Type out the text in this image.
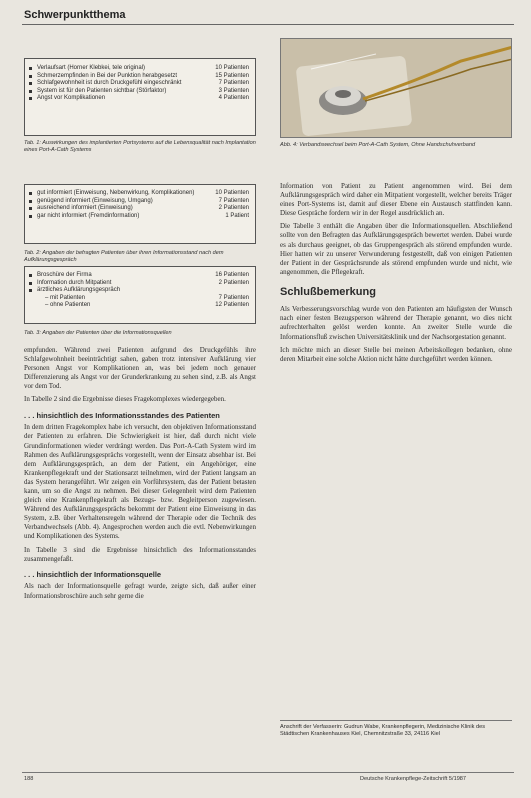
Schwerpunktthema
Verlaufsart (Horner Klebkei, tele original)	10 Patienten
Schmerzempfinden in Bei der Punktion herabgesetzt	15 Patienten
Schlafgewohnheit ist durch Druckgefühl eingeschränkt	7 Patienten
System ist für den Patienten sichtbar (Störfaktor)	3 Patienten
Angst vor Komplikationen	4 Patienten
Tab. 1: Auswirkungen des implantierten Portsystems auf die Lebensqualität nach Implantation eines Port-A-Cath Systems
gut informiert (Einweisung, Nebenwirkung, Komplikationen)	10 Patienten
genügend informiert (Einweisung, Umgang)	7 Patienten
ausreichend informiert (Einweisung)	2 Patienten
gar nicht informiert (Fremdinformation)	1 Patient
Tab. 2: Angaben der befragten Patienten über ihren Informationsstand nach dem Aufklärungsgespräch
Broschüre der Firma	16 Patienten
Information durch Mitpatient	2 Patienten
ärztliches Aufklärungsgespräch
– mit Patienten	7 Patienten
– ohne Patienten	12 Patienten
Tab. 3: Angaben der Patienten über die Informationsquellen

empfunden. Während zwei Patienten aufgrund des Druckgefühls ihre Schlafgewohnheit beeinträchtigt sahen, gaben trotz intensiver Aufklärung vier Personen Angst vor Komplikationen an, was bei jedem noch genauer Differenzierung als Angst vor der Grunderkrankung zu sehen sind, z.B. als Angst vor dem Tod.

In Tabelle 2 sind die Ergebnisse dieses Fragekomplexes wiedergegeben.

. . . hinsichtlich des Informationsstandes des Patienten

In dem dritten Fragekomplex habe ich versucht, den objektiven Informationsstand der Patienten zu erfahren. Die Schwierigkeit ist hier, daß durch nicht viele Grundinformationen wieder verdrängt werden. Das Port-A-Cath System wird im Rahmen des Aufklärungsgesprächs vorgestellt, wenn der Einsatz absehbar ist. Bei dem Aufklärungsgespräch, an dem der Patient, ein Angehöriger, eine Krankenpflegekraft und der Stationsarzt teilnehmen, wird der Patient langsam an das System herangeführt. Wir zeigen ein Vorführsystem, das der Patient betasten kann, um so die Angst zu nehmen. Bei dieser Gelegenheit wird dem Patienten gleich eine Krankenpflegekraft als Bezugs- bzw. Begleitperson zugewiesen. Während des Aufklärungsgesprächs bekommt der Patient eine Einweisung in das System, z.B. über Verhaltensregeln während der Therapie oder die Technik des Verbandwechsels (Abb. 4). Angesprochen werden auch die evtl. Nebenwirkungen und Komplikationen des Systems.

In Tabelle 3 sind die Ergebnisse hinsichtlich des Informationsstandes zusammengefaßt.

. . . hinsichtlich der Informationsquelle

Als nach der Informationsquelle gefragt wurde, zeigte sich, daß außer einer Informationsbroschüre auch sehr gerne die

Abb. 4: Verbandswechsel beim Port-A-Cath System, Ohne Handschuhverband

Information von Patient zu Patient angenommen wird. Bei dem Aufklärungsgespräch wird daher ein Mitpatient vorgestellt, welcher bereits Träger eines Port-Systems ist, damit auf dieser Ebene ein Austausch stattfinden kann. Diese Gespräche fordern wir in der Regel ausdrücklich an.

Die Tabelle 3 enthält die Angaben über die Informationsquellen. Abschließend sollte von den Befragten das Aufklärungsgespräch bewertet werden. Dabei wurde es als durchaus geeignet, ob das Gruppengespräch als störend empfunden wurde. Hier hatten wir zu unserer Verwunderung festgestellt, daß von einigen Patienten der Patient in der Gesprächsrunde als störend empfunden wurde und nicht, wie angenommen, die Pflegekraft.

Schlußbemerkung

Als Verbesserungsvorschlag wurde von den Patienten am häufigsten der Wunsch nach einer festen Bezugsperson während der Therapie genannt, wo dies nicht aufrechterhalten gelöst werden konnte. An zweiter Stelle wurde die Informationsfluß zwischen Universitätsklinik und der Nachsorgestation genannt.

Ich möchte mich an dieser Stelle bei meinen Arbeitskollegen bedanken, ohne deren Mitarbeit eine solche Aktion nicht hätte durchgeführt werden können.

Anschrift der Verfasserin: Gudrun Wabe, Krankenpflegerin, Medizinische Klinik des Städtischen Krankenhauses Kiel, Chemnitzstraße 33, 24116 Kiel
188	Deutsche Krankenpflege-Zeitschrift 5/1987
